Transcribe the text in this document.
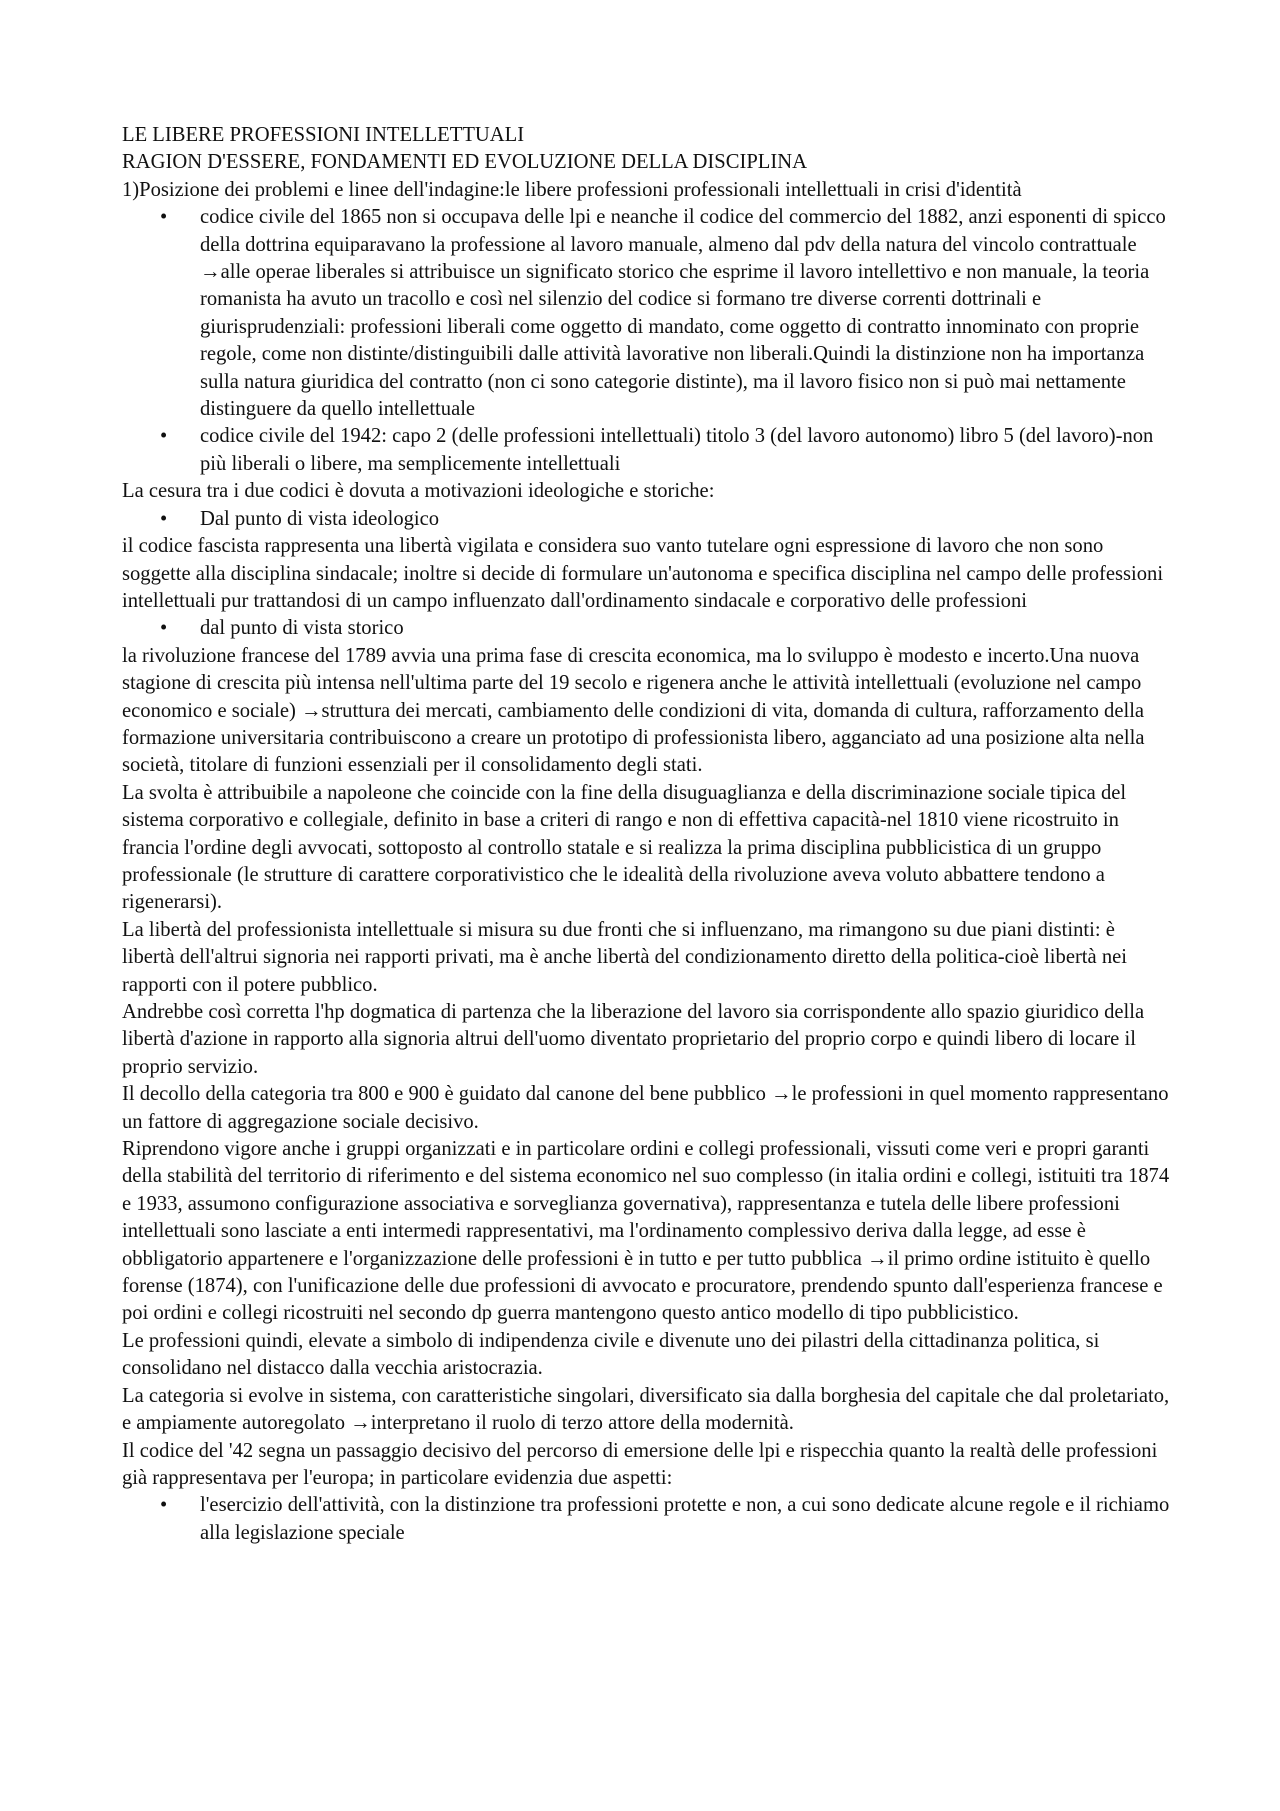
LE LIBERE PROFESSIONI INTELLETTUALI

RAGION D'ESSERE, FONDAMENTI ED EVOLUZIONE DELLA DISCIPLINA

1)Posizione dei problemi e linee dell'indagine:le libere professioni professionali intellettuali in crisi d'identità

• codice civile del 1865 non si occupava delle lpi e neanche il codice del commercio del 1882, anzi esponenti di spicco della dottrina equiparavano la professione al lavoro manuale, almeno dal pdv della natura del vincolo contrattuale →alle operae liberales si attribuisce un significato storico che esprime il lavoro intellettivo e non manuale, la teoria romanista ha avuto un tracollo e così nel silenzio del codice si formano tre diverse correnti dottrinali e giurisprudenziali: professioni liberali come oggetto di mandato, come oggetto di contratto innominato con proprie regole, come non distinte/distinguibili dalle attività lavorative non liberali.Quindi la distinzione non ha importanza sulla natura giuridica del contratto (non ci sono categorie distinte), ma il lavoro fisico non si può mai nettamente distinguere da quello intellettuale
• codice civile del 1942: capo 2 (delle professioni intellettuali) titolo 3 (del lavoro autonomo) libro 5 (del lavoro)-non più liberali o libere, ma semplicemente intellettuali

La cesura tra i due codici è dovuta a motivazioni ideologiche e storiche:

• Dal punto di vista ideologico

il codice fascista rappresenta una libertà vigilata e considera suo vanto tutelare ogni espressione di lavoro che non sono soggette alla disciplina sindacale; inoltre si decide di formulare un'autonoma e specifica disciplina nel campo delle professioni intellettuali pur trattandosi di un campo influenzato dall'ordinamento sindacale e corporativo delle professioni

• dal punto di vista storico

la rivoluzione francese del 1789 avvia una prima fase di crescita economica, ma lo sviluppo è modesto e incerto.Una nuova stagione di crescita più intensa nell'ultima parte del 19 secolo e rigenera anche le attività intellettuali (evoluzione nel campo economico e sociale) →struttura dei mercati, cambiamento delle condizioni di vita, domanda di cultura, rafforzamento della formazione universitaria contribuiscono a creare un prototipo di professionista libero, agganciato ad una posizione alta nella società, titolare di funzioni essenziali per il consolidamento degli stati.

La svolta è attribuibile a napoleone che coincide con la fine della disuguaglianza e della discriminazione sociale tipica del sistema corporativo e collegiale, definito in base a criteri di rango e non di effettiva capacità-nel 1810 viene ricostruito in francia l'ordine degli avvocati, sottoposto al controllo statale e si realizza la prima disciplina pubblicistica di un gruppo professionale (le strutture di carattere corporativistico che le idealità della rivoluzione aveva voluto abbattere tendono a rigenerarsi).

La libertà del professionista intellettuale si misura su due fronti che si influenzano, ma rimangono su due piani distinti: è libertà dell'altrui signoria nei rapporti privati, ma è anche libertà del condizionamento diretto della politica-cioè libertà nei rapporti con il potere pubblico.

Andrebbe così corretta l'hp dogmatica di partenza che la liberazione del lavoro sia corrispondente allo spazio giuridico della libertà d'azione in rapporto alla signoria altrui dell'uomo diventato proprietario del proprio corpo e quindi libero di locare il proprio servizio.

Il decollo della categoria tra 800 e 900 è guidato dal canone del bene pubblico →le professioni in quel momento rappresentano un fattore di aggregazione sociale decisivo.

Riprendono vigore anche i gruppi organizzati e in particolare ordini e collegi professionali, vissuti come veri e propri garanti della stabilità del territorio di riferimento e del sistema economico nel suo complesso (in italia ordini e collegi, istituiti tra 1874 e 1933, assumono configurazione associativa e sorveglianza governativa), rappresentanza e tutela delle libere professioni intellettuali sono lasciate a enti intermedi rappresentativi, ma l'ordinamento complessivo deriva dalla legge, ad esse è obbligatorio appartenere e l'organizzazione delle professioni è in tutto e per tutto pubblica →il primo ordine istituito è quello forense (1874), con l'unificazione delle due professioni di avvocato e procuratore, prendendo spunto dall'esperienza francese e poi ordini e collegi ricostruiti nel secondo dp guerra mantengono questo antico modello di tipo pubblicistico.

Le professioni quindi, elevate a simbolo di indipendenza civile e divenute uno dei pilastri della cittadinanza politica, si consolidano nel distacco dalla vecchia aristocrazia.

La categoria si evolve in sistema, con caratteristiche singolari, diversificato sia dalla borghesia del capitale che dal proletariato, e ampiamente autoregolato →interpretano il ruolo di terzo attore della modernità.

Il codice del '42 segna un passaggio decisivo del percorso di emersione delle lpi e rispecchia quanto la realtà delle professioni già rappresentava per l'europa; in particolare evidenzia due aspetti:

• l'esercizio dell'attività, con la distinzione tra professioni protette e non, a cui sono dedicate alcune regole e il richiamo alla legislazione speciale
